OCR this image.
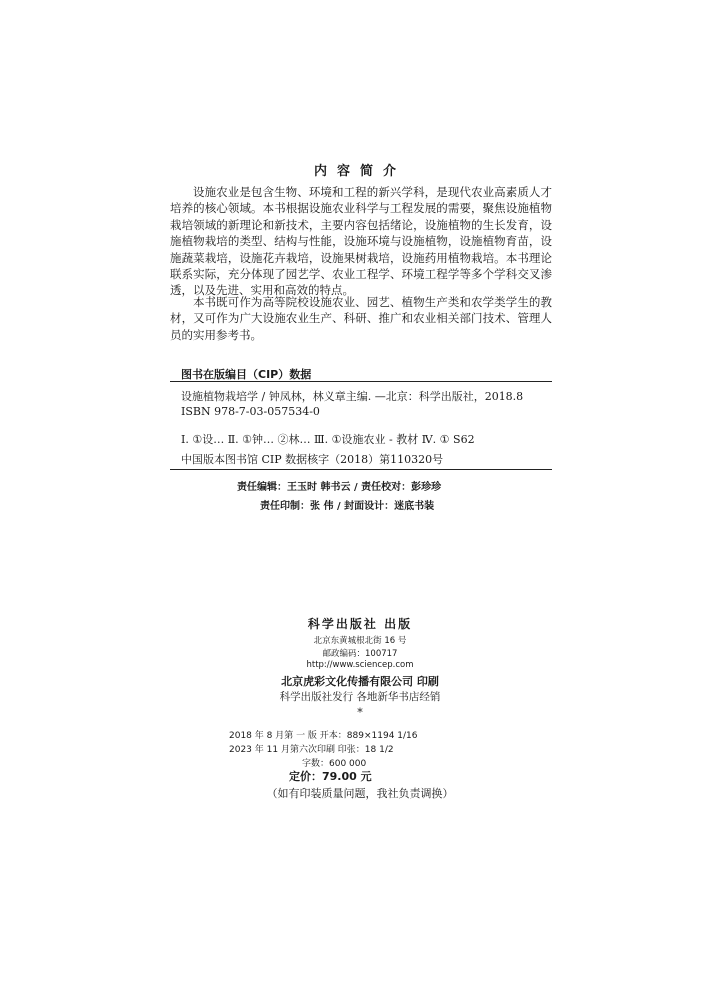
内容简介

设施农业是包含生物、环境和工程的新兴学科，是现代农业高素质人才培养的核心领域。本书根据设施农业科学与工程发展的需要，聚焦设施植物栽培领域的新理论和新技术，主要内容包括绪论，设施植物的生长发育，设施植物栽培的类型、结构与性能，设施环境与设施植物，设施植物育苗，设施蔬菜栽培，设施花卉栽培，设施果树栽培，设施药用植物栽培。本书理论联系实际，充分体现了园艺学、农业工程学、环境工程学等多个学科交叉渗透，以及先进、实用和高效的特点。

本书既可作为高等院校设施农业、园艺、植物生产类和农学类学生的教材，又可作为广大设施农业生产、科研、推广和农业相关部门技术、管理人员的实用参考书。

图书在版编目（CIP）数据
设施植物栽培学 / 钟凤林，林义章主编. —北京：科学出版社，2018.8
ISBN 978-7-03-057534-0
Ⅰ. ①设… Ⅱ. ①钟… ②林… Ⅲ. ①设施农业 - 教材 Ⅳ. ① S62
中国版本图书馆 CIP 数据核字（2018）第110320号
责任编辑：王玉时 韩书云 / 责任校对：彭珍珍
责任印制：张 伟 / 封面设计：迷底书装
科学出版社 出版
北京东黄城根北街 16 号
邮政编码：100717
http://www.sciencep.com
北京虎彩文化传播有限公司 印刷
科学出版社发行 各地新华书店经销
*
2018 年 8 月第 一 版 开本：889×1194 1/16
2023 年 11 月第六次印刷 印张：18 1/2
字数：600 000
定价：79.00 元
（如有印装质量问题，我社负责调换）
